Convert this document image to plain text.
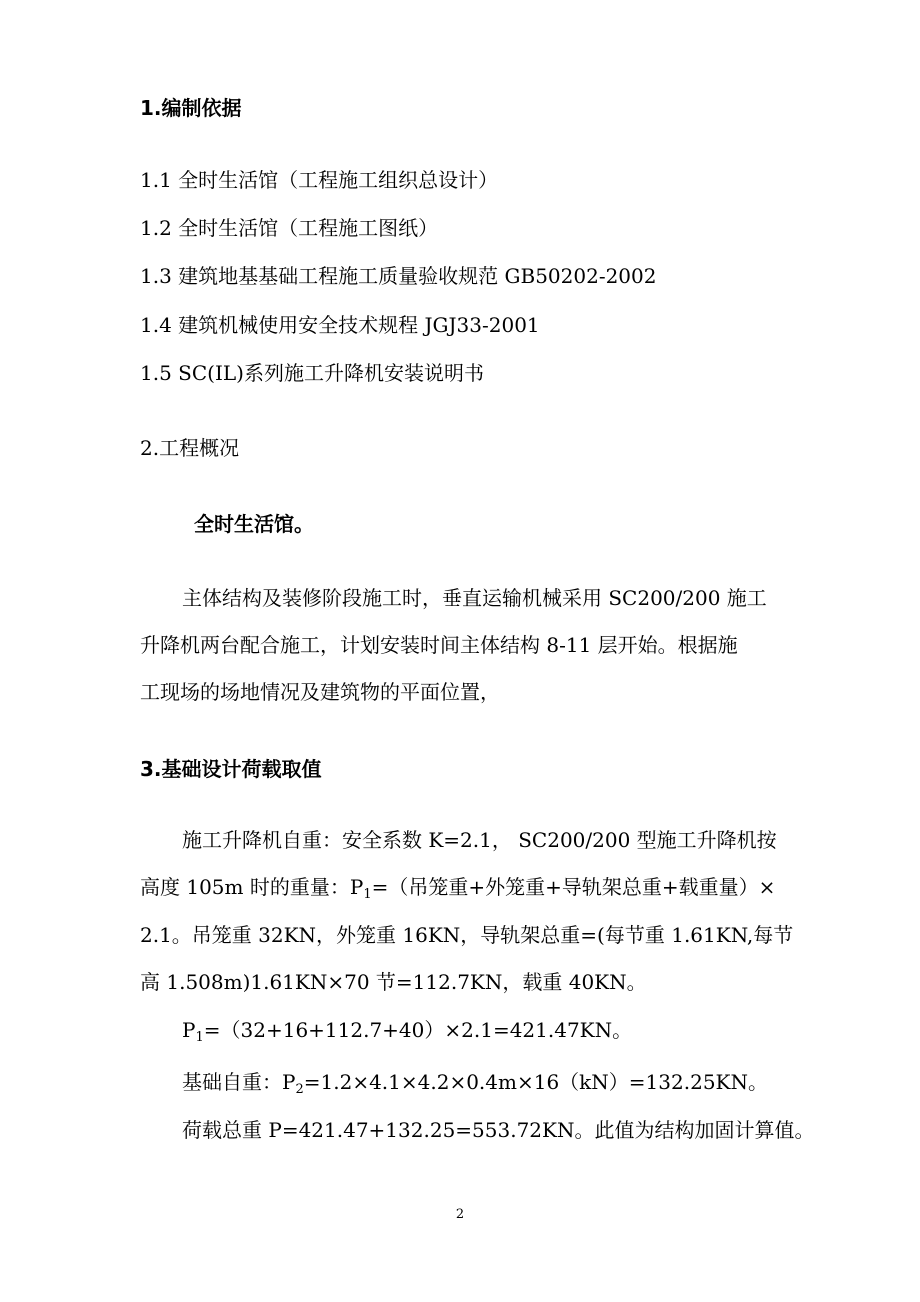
1.编制依据
1.1 全时生活馆（工程施工组织总设计）
1.2 全时生活馆（工程施工图纸）
1.3 建筑地基基础工程施工质量验收规范 GB50202-2002
1.4 建筑机械使用安全技术规程 JGJ33-2001
1.5 SC(IL)系列施工升降机安装说明书
2.工程概况
全时生活馆。
主体结构及装修阶段施工时，垂直运输机械采用 SC200/200 施工
升降机两台配合施工，计划安装时间主体结构 8-11 层开始。根据施
工现场的场地情况及建筑物的平面位置，
3.基础设计荷载取值
施工升降机自重：安全系数 K=2.1， SC200/200 型施工升降机按
高度 105m 时的重量：$P_1=$（吊笼重+外笼重+导轨架总重+载重量）×
2.1。吊笼重 32KN，外笼重 16KN，导轨架总重=(每节重 1.61KN,每节
高 1.508m)1.61KN×70 节=112.7KN，载重 40KN。
$P_1=(32+16+112.7+40)\times 2.1=421.47KN$。
基础自重：$P_2=1.2\times 4.1\times 4.2\times 0.4m\times 16(kN)=132.25KN$。
荷载总重 P=421.47+132.25=553.72KN。此值为结构加固计算值。
2
